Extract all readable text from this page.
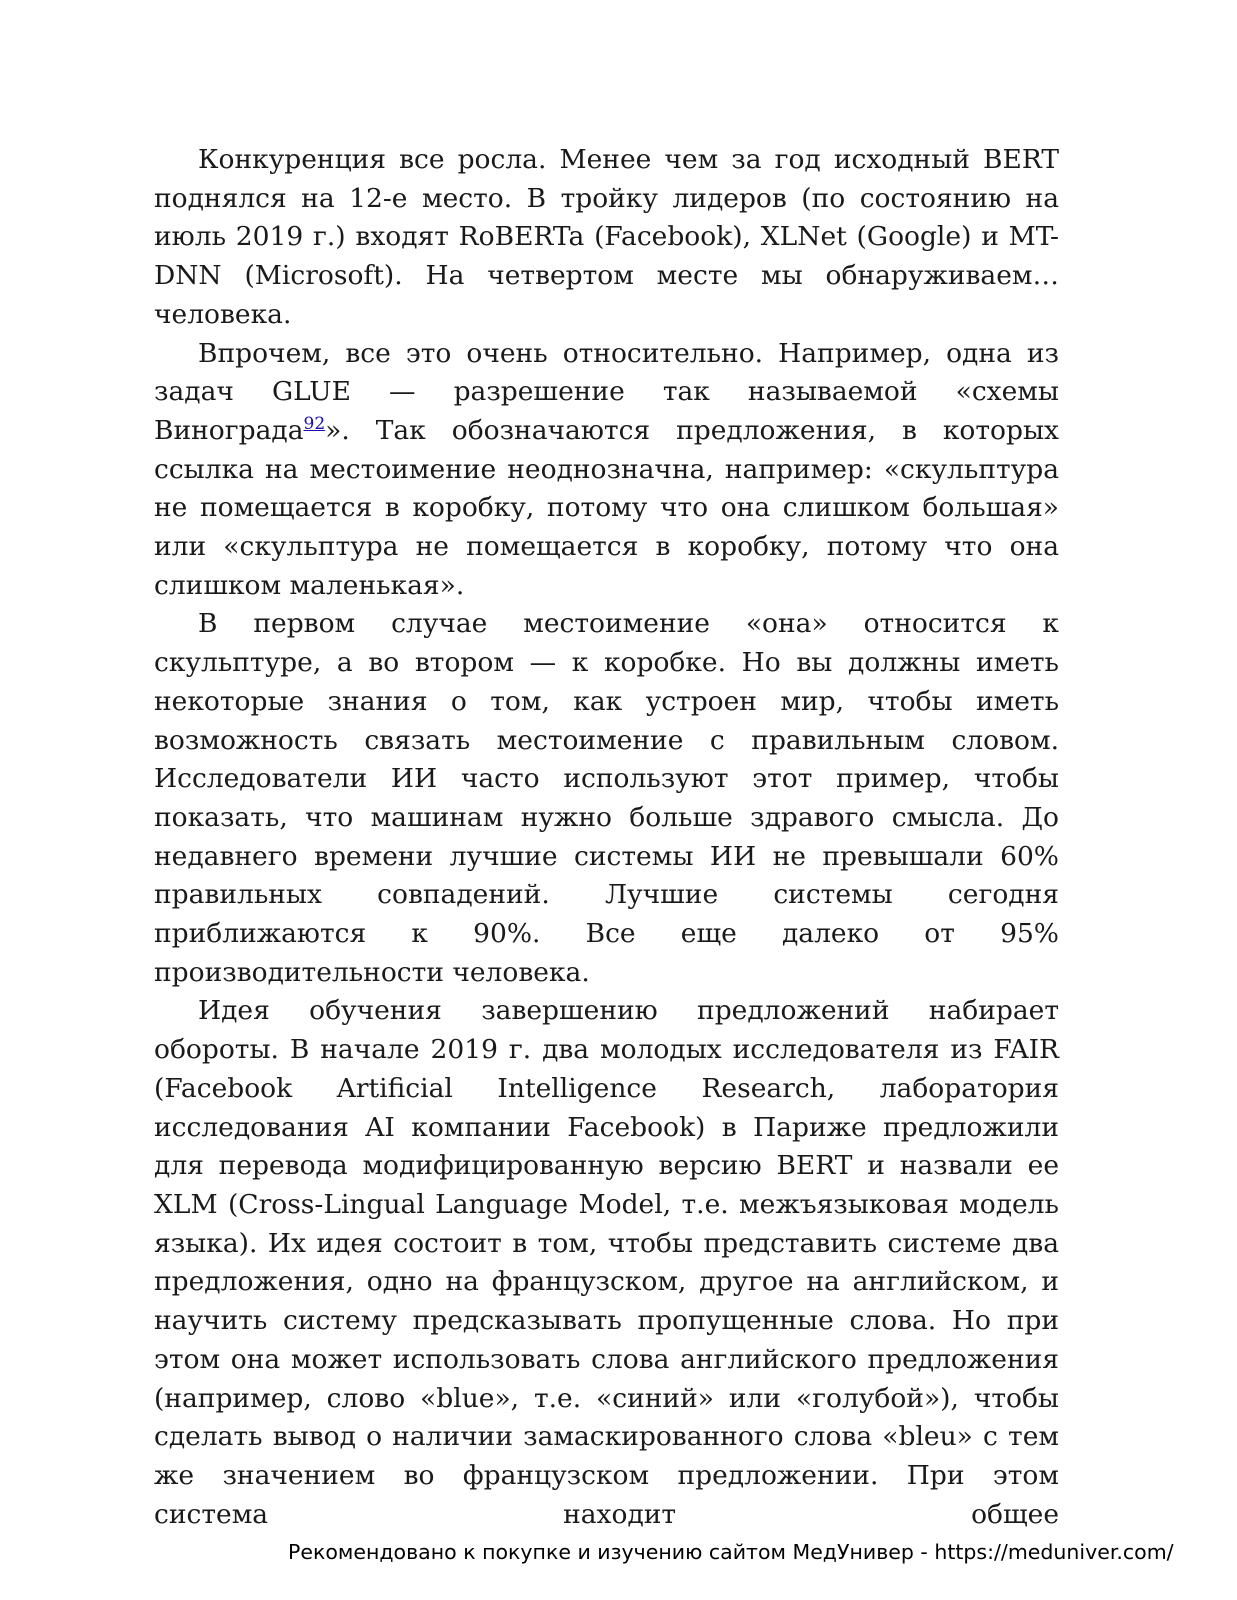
Конкуренция все росла. Менее чем за год исходный BERT поднялся на 12-е место. В тройку лидеров (по состоянию на июль 2019 г.) входят RoBERTa (Facebook), XLNet (Google) и MT-DNN (Microsoft). На четвертом месте мы обнаруживаем… человека.

Впрочем, все это очень относительно. Например, одна из задач GLUE — разрешение так называемой «схемы Винограда$^{92}$». Так обозначаются предложения, в которых ссылка на местоимение неоднозначна, например: «скульптура не помещается в коробку, потому что она слишком большая» или «скульптура не помещается в коробку, потому что она слишком маленькая».

В первом случае местоимение «она» относится к скульптуре, а во втором — к коробке. Но вы должны иметь некоторые знания о том, как устроен мир, чтобы иметь возможность связать местоимение с правильным словом. Исследователи ИИ часто используют этот пример, чтобы показать, что машинам нужно больше здравого смысла. До недавнего времени лучшие системы ИИ не превышали 60% правильных совпадений. Лучшие системы сегодня приближаются к 90%. Все еще далеко от 95% производительности человека.

Идея обучения завершению предложений набирает обороты. В начале 2019 г. два молодых исследователя из FAIR (Facebook Artificial Intelligence Research, лаборатория исследования AI компании Facebook) в Париже предложили для перевода модифицированную версию BERT и назвали ее XLM (Cross-Lingual Language Model, т.е. межъязыковая модель языка). Их идея состоит в том, чтобы представить системе два предложения, одно на французском, другое на английском, и научить систему предсказывать пропущенные слова. Но при этом она может использовать слова английского предложения (например, слово «blue», т.е. «синий» или «голубой»), чтобы сделать вывод о наличии замаскированного слова «bleu» с тем же значением во французском предложении. При этом система находит общее

Рекомендовано к покупке и изучению сайтом МедУнивер - https://meduniver.com/
